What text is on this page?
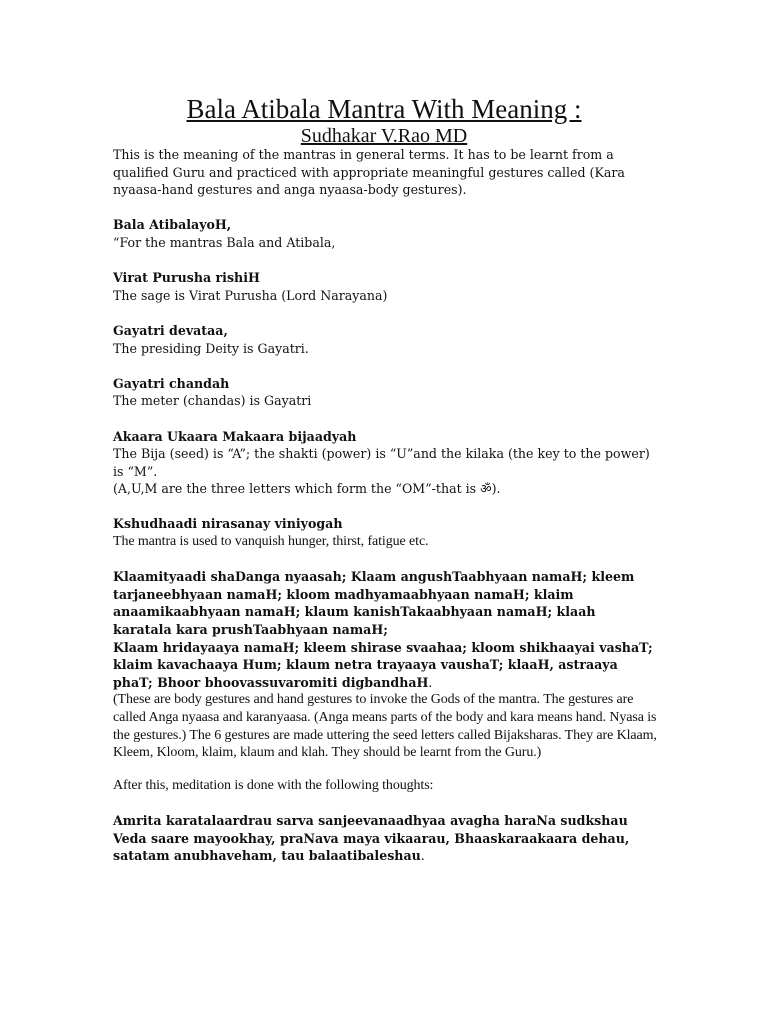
Bala Atibala Mantra With Meaning :
Sudhakar V.Rao MD

This is the meaning of the mantras in general terms. It has to be learnt from a qualified Guru and practiced with appropriate meaningful gestures called (Kara nyaasa-hand gestures and anga nyaasa-body gestures).

Bala AtibalayoH,

“For the mantras Bala and Atibala,

Virat Purusha rishiH

The sage is Virat Purusha (Lord Narayana)

Gayatri devataa,

The presiding Deity is Gayatri.

Gayatri chandah

The meter (chandas) is Gayatri

Akaara Ukaara Makaara bijaadyah

The Bija (seed) is “A”; the shakti (power) is “U”and the kilaka (the key to the power) is “M”.

(A,U,M are the three letters which form the “OM”-that is ॐ).

Kshudhaadi nirasanay viniyogah

The mantra is used to vanquish hunger, thirst, fatigue etc.

Klaamityaadi shaDanga nyaasah; Klaam angushTaabhyaan namaH; kleem tarjaneebhyaan namaH; kloom madhyamaabhyaan namaH; klaim anaamikaabhyaan namaH; klaum kanishTakaabhyaan namaH; klaah karatala kara prushTaabhyaan namaH;

Klaam hridayaaya namaH; kleem shirase svaahaa; kloom shikhaayai vashaT; klaim kavachaaya Hum; klaum netra trayaaya vaushaT; klaaH, astraaya phaT; Bhoor bhoovassuvaromiti digbandhaH.

(These are body gestures and hand gestures to invoke the Gods of the mantra. The gestures are called Anga nyaasa and karanyaasa. (Anga means parts of the body and kara means hand. Nyasa is the gestures.) The 6 gestures are made uttering the seed letters called Bijaksharas. They are Klaam, Kleem, Kloom, klaim, klaum and klah. They should be learnt from the Guru.)

After this, meditation is done with the following thoughts:

Amrita karatalaardrau sarva sanjeevanaadhyaa avagha haraNa sudkshau Veda saare mayookhay, praNava maya vikaarau, Bhaaskaraakaara dehau, satatam anubhaveham, tau balaatibaleshau.
